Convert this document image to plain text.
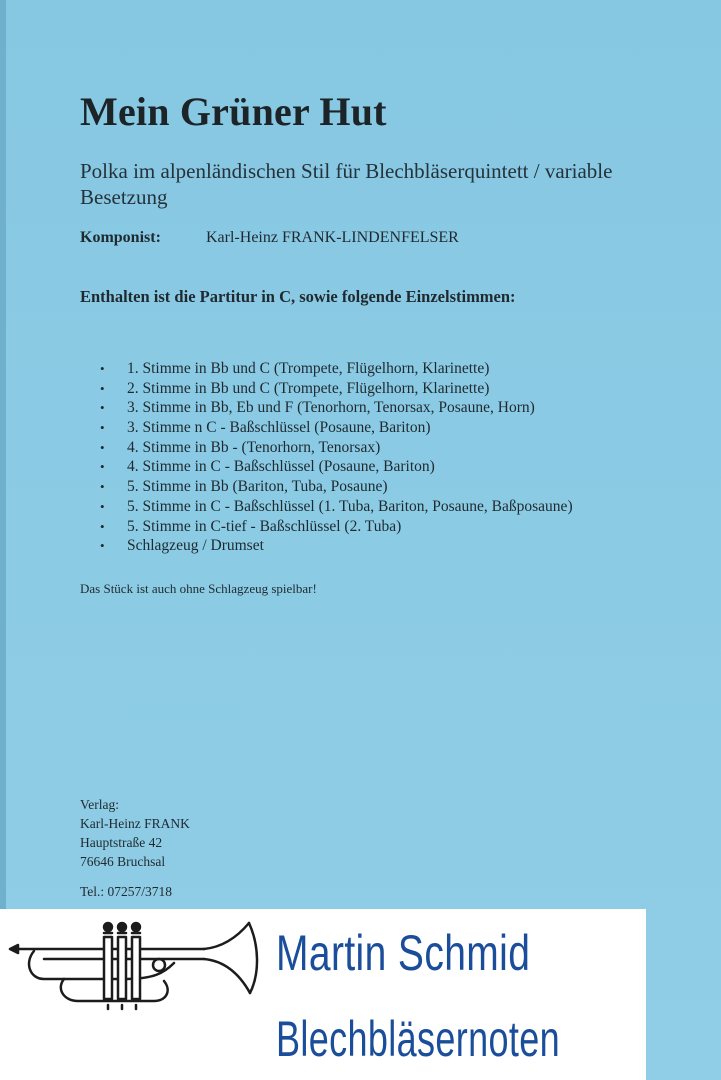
Mein Grüner Hut
Polka im alpenländischen Stil für Blechbläserquintett / variable Besetzung
Komponist:	Karl-Heinz FRANK-LINDENFELSER
Enthalten ist die Partitur in C, sowie folgende Einzelstimmen:
• 1. Stimme in Bb und C (Trompete, Flügelhorn, Klarinette)
• 2. Stimme in Bb und C (Trompete, Flügelhorn, Klarinette)
• 3. Stimme in Bb, Eb und F (Tenorhorn, Tenorsax, Posaune, Horn)
• 3. Stimme n C - Baßschlüssel (Posaune, Bariton)
• 4. Stimme in Bb - (Tenorhorn, Tenorsax)
• 4. Stimme in C - Baßschlüssel (Posaune, Bariton)
• 5. Stimme in Bb (Bariton, Tuba, Posaune)
• 5. Stimme in C - Baßschlüssel (1. Tuba, Bariton, Posaune, Baßposaune)
• 5. Stimme in C-tief - Baßschlüssel (2. Tuba)
• Schlagzeug / Drumset
Das Stück ist auch ohne Schlagzeug spielbar!
Verlag:
Karl-Heinz FRANK
Hauptstraße 42
76646 Bruchsal
Tel.: 07257/3718
Martin Schmid
Blechbläsernoten
